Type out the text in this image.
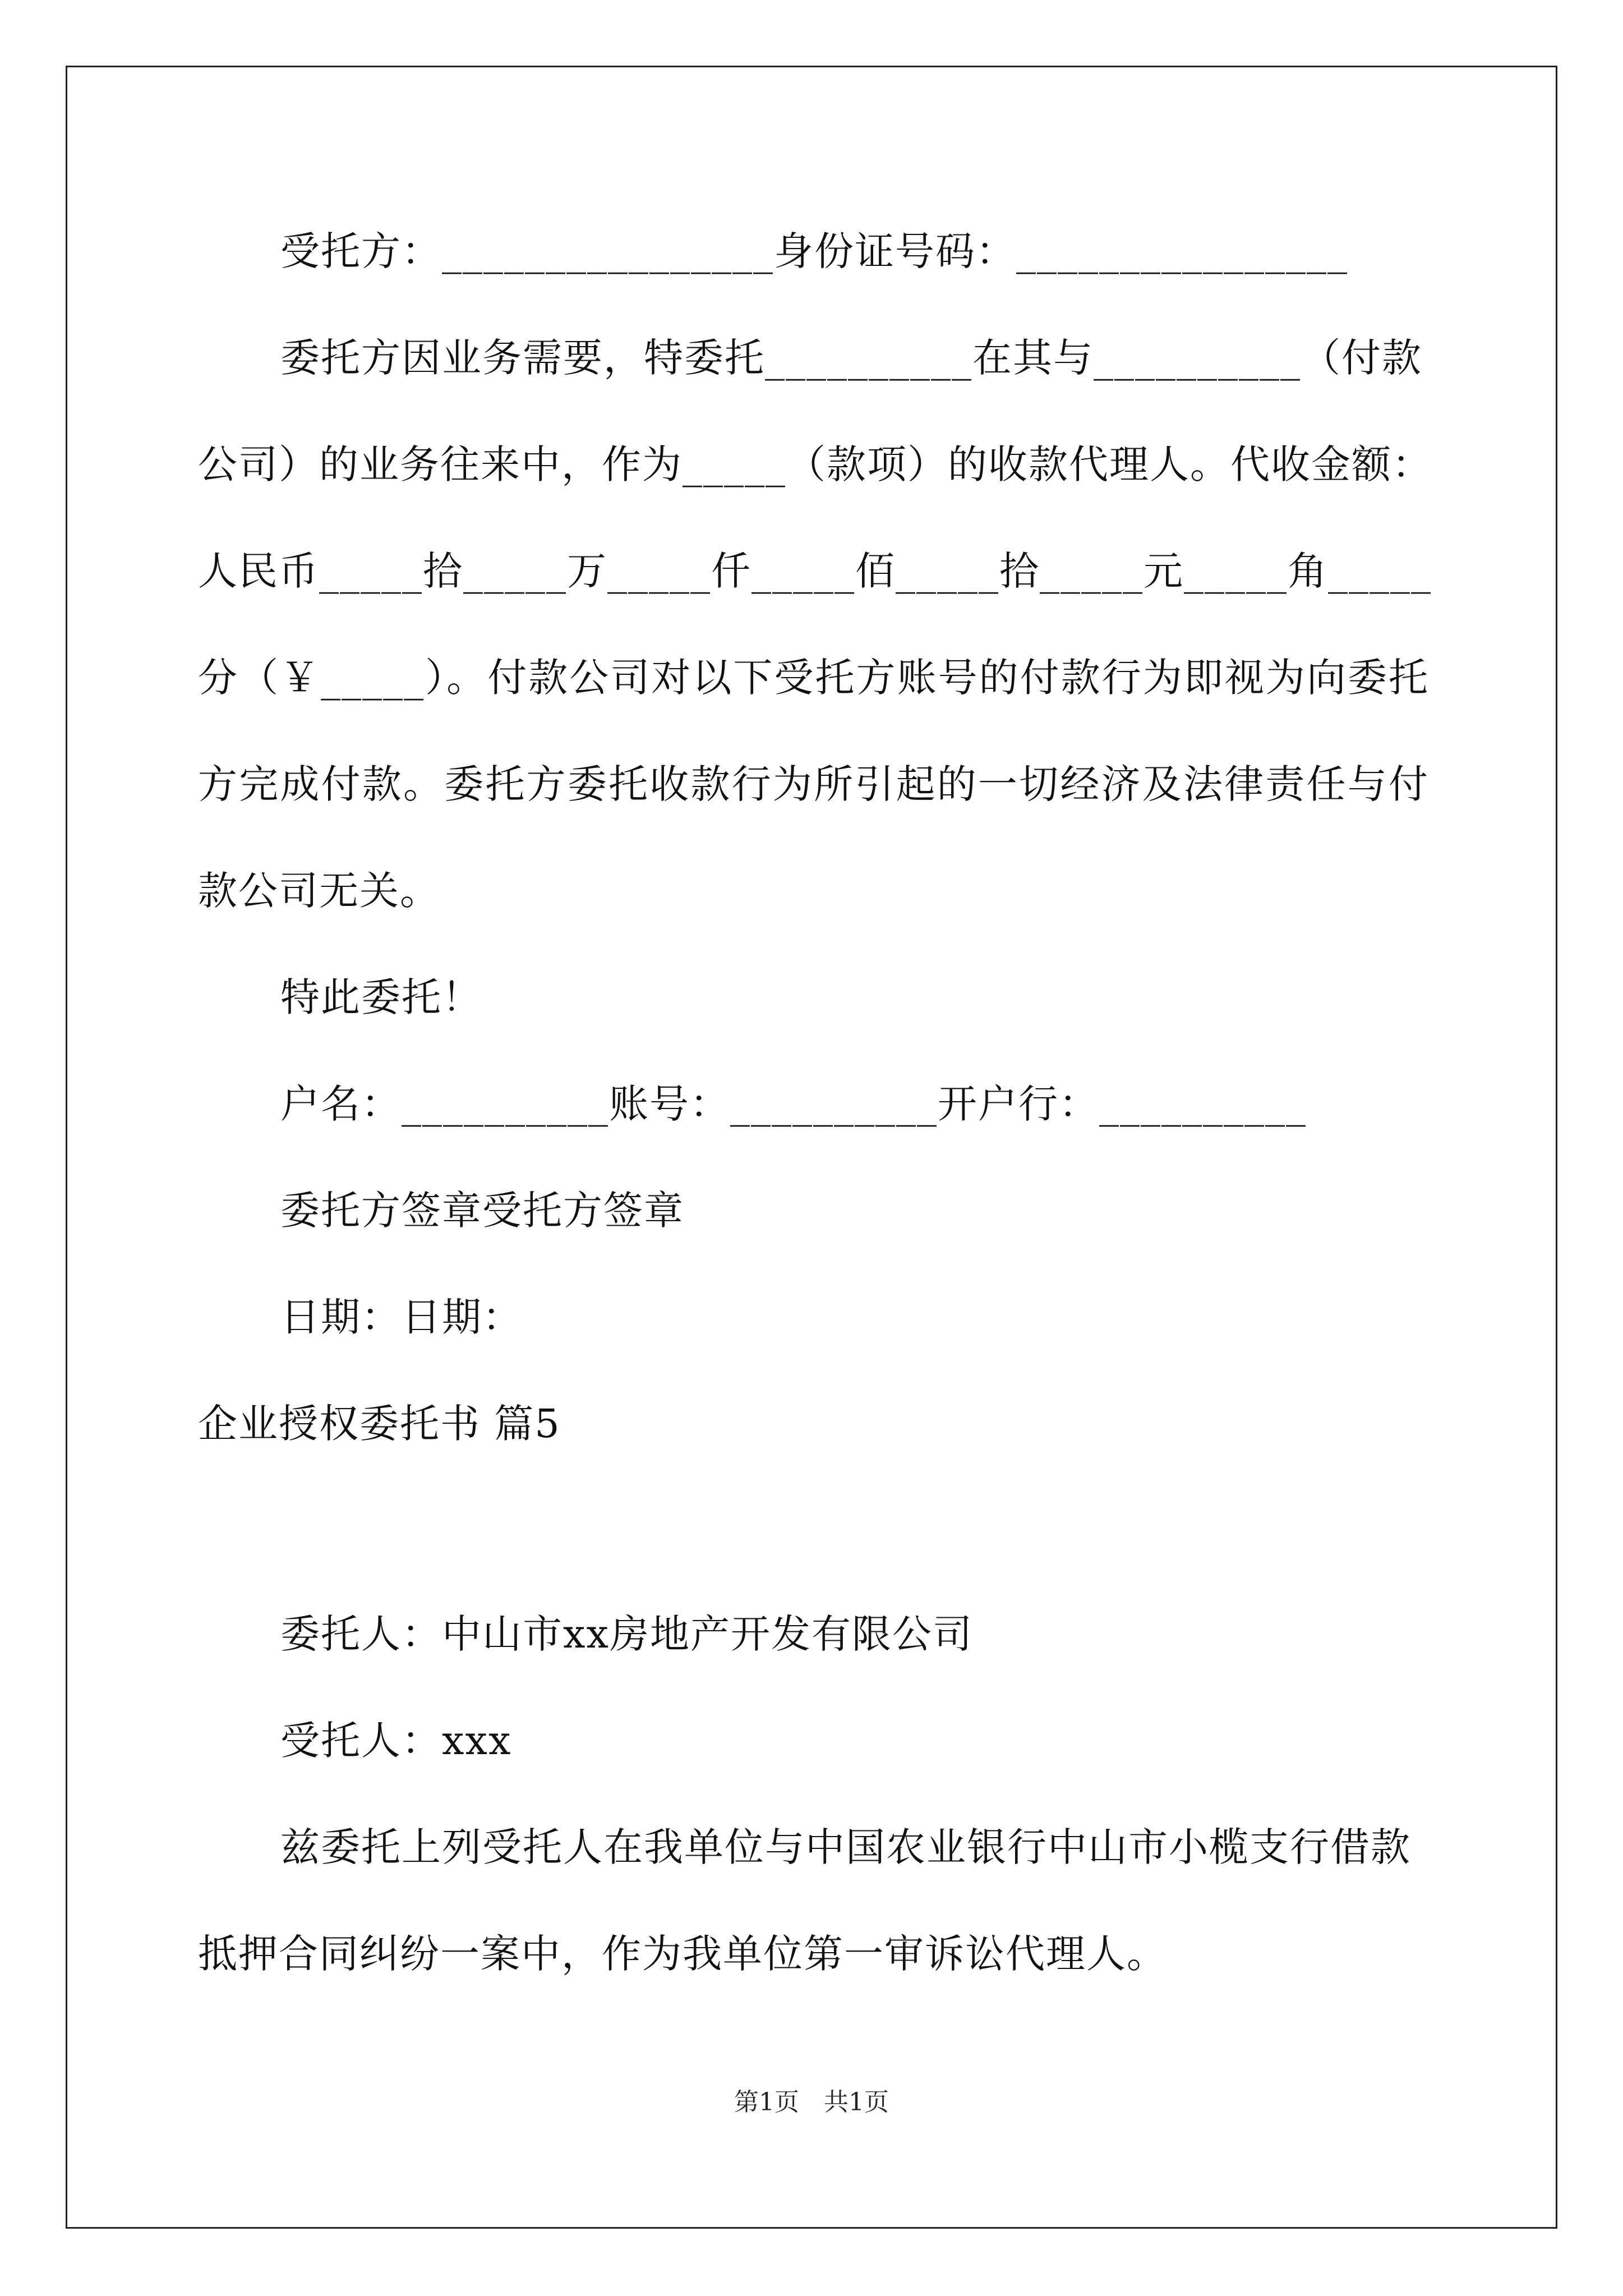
受托方：________________身份证号码：________________
委托方因业务需要，特委托__________在其与__________（付款
公司）的业务往来中，作为_____（款项）的收款代理人。代收金额：
人民币_____拾_____万_____仟_____佰_____拾_____元_____角_____
分（￥_____）。付款公司对以下受托方账号的付款行为即视为向委托
方完成付款。委托方委托收款行为所引起的一切经济及法律责任与付
款公司无关。
特此委托！
户名：__________账号：__________开户行：__________
委托方签章受托方签章
日期：日期：
企业授权委托书 篇5
委托人：中山市xx房地产开发有限公司
受托人：xxx
兹委托上列受托人在我单位与中国农业银行中山市小榄支行借款
抵押合同纠纷一案中，作为我单位第一审诉讼代理人。
第1页　共1页
